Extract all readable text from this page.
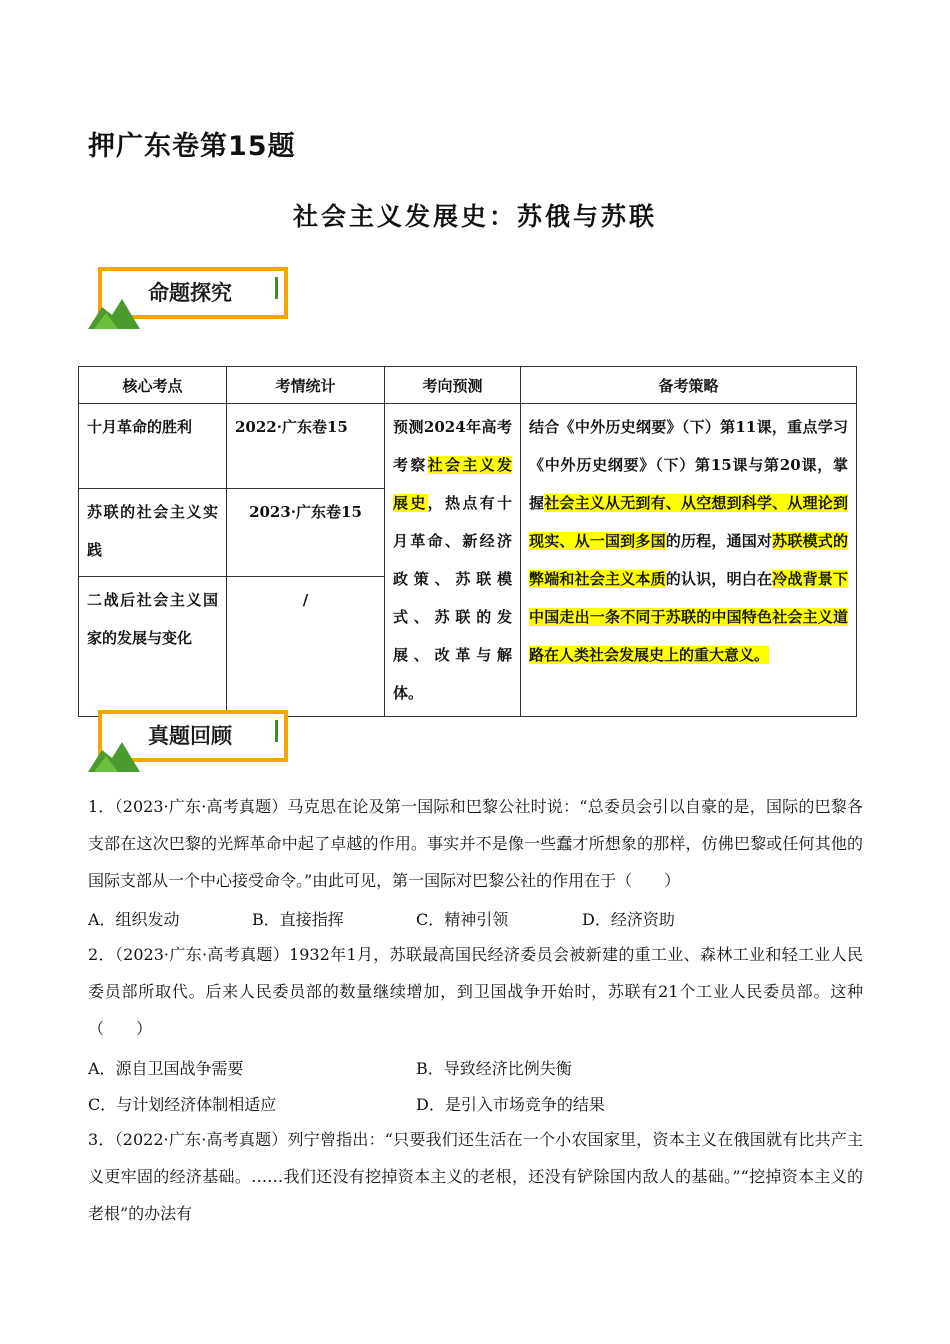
押广东卷第15题
社会主义发展史：苏俄与苏联
命题探究
核心考点	考情统计	考向预测	备考策略
十月革命的胜利	2022·广东卷15	预测2024年高考考察社会主义发展史，热点有十月革命、新经济政策、苏联模式、苏联的发展、改革与解体。	结合《中外历史纲要》（下）第11课，重点学习《中外历史纲要》（下）第15课与第20课，掌握社会主义从无到有、从空想到科学、从理论到现实、从一国到多国的历程，通国对苏联模式的弊端和社会主义本质的认识，明白在冷战背景下中国走出一条不同于苏联的中国特色社会主义道路在人类社会发展史上的重大意义。
苏联的社会主义实践	2023·广东卷15		
二战后社会主义国家的发展与变化	/		
真题回顾
1．（2023·广东·高考真题）马克思在论及第一国际和巴黎公社时说：“总委员会引以自豪的是，国际的巴黎各支部在这次巴黎的光辉革命中起了卓越的作用。事实并不是像一些蠢才所想象的那样，仿佛巴黎或任何其他的国际支部从一个中心接受命令。”由此可见，第一国际对巴黎公社的作用在于（　　）
A．组织发动	B．直接指挥	C．精神引领	D．经济资助
2．（2023·广东·高考真题）1932年1月，苏联最高国民经济委员会被新建的重工业、森林工业和轻工业人民委员部所取代。后来人民委员部的数量继续增加，到卫国战争开始时，苏联有21个工业人民委员部。这种（　　）
A．源自卫国战争需要	B．导致经济比例失衡
C．与计划经济体制相适应	D．是引入市场竞争的结果
3．（2022·广东·高考真题）列宁曾指出：“只要我们还生活在一个小农国家里，资本主义在俄国就有比共产主义更牢固的经济基础。……我们还没有挖掉资本主义的老根，还没有铲除国内敌人的基础。”“挖掉资本主义的老根”的办法有
